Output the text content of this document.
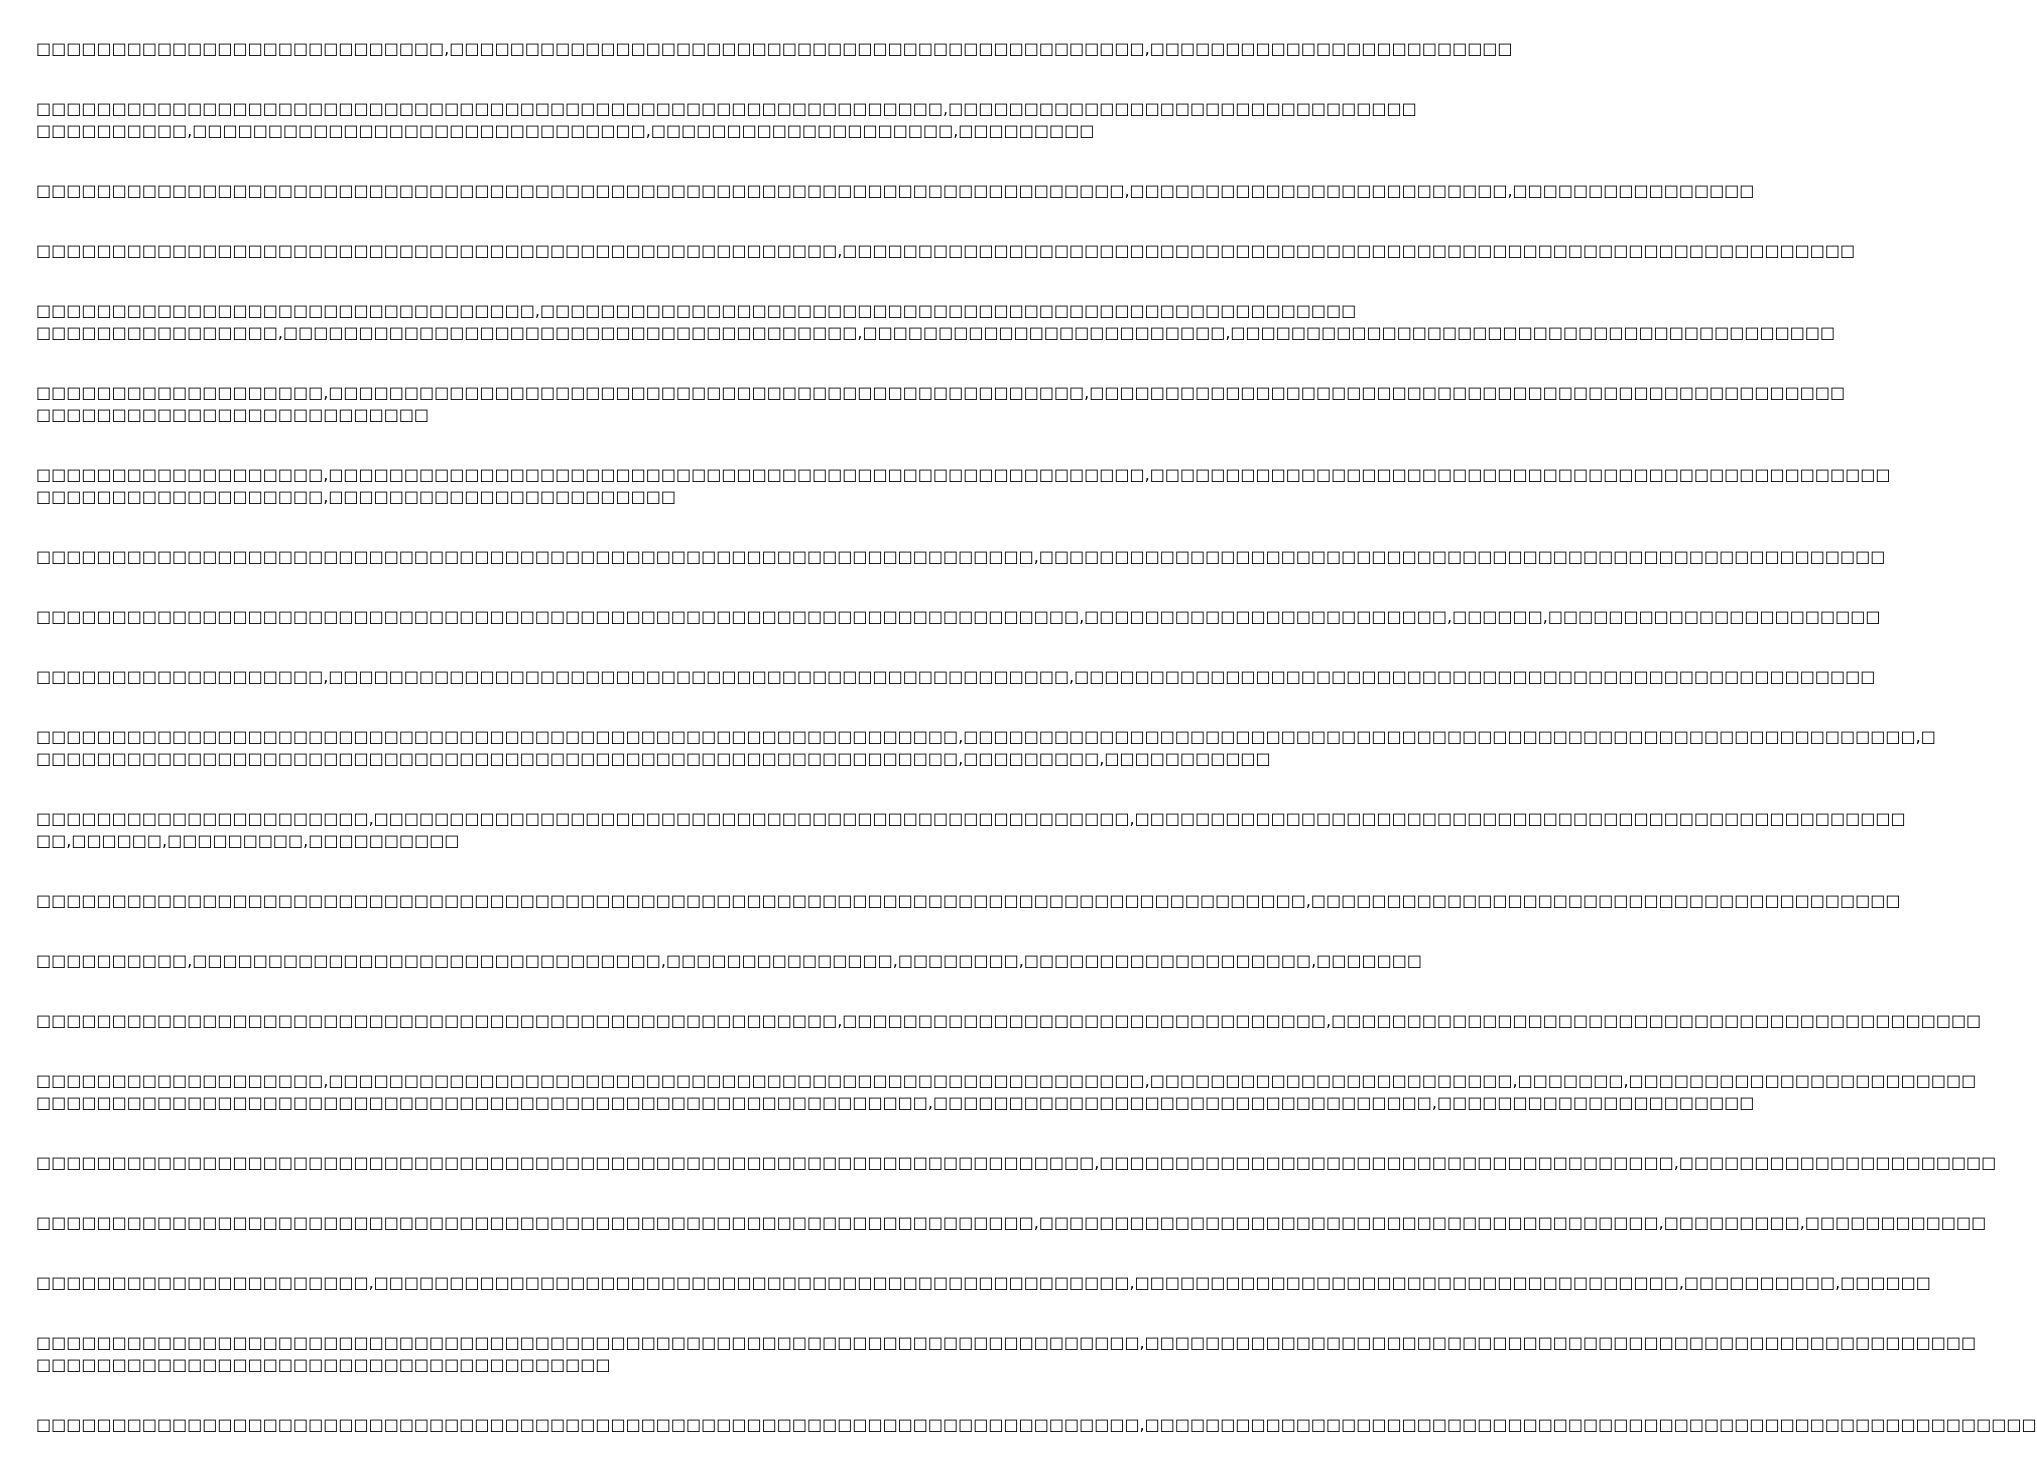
□□□□□□□□□□□□□□□□□□□□□□□□□□□,□□□□□□□□□□□□□□□□□□□□□□□□□□□□□□□□□□□□□□□□□□□□□□,□□□□□□□□□□□□□□□□□□□□□□□□

□□□□□□□□□□□□□□□□□□□□□□□□□□□□□□□□□□□□□□□□□□□□□□□□□□□□□□□□□□□□,□□□□□□□□□□□□□□□□□□□□□□□□□□□□□□□
□□□□□□□□□□,□□□□□□□□□□□□□□□□□□□□□□□□□□□□□□,□□□□□□□□□□□□□□□□□□□□,□□□□□□□□□

□□□□□□□□□□□□□□□□□□□□□□□□□□□□□□□□□□□□□□□□□□□□□□□□□□□□□□□□□□□□□□□□□□□□□□□□,□□□□□□□□□□□□□□□□□□□□□□□□□,□□□□□□□□□□□□□□□□

□□□□□□□□□□□□□□□□□□□□□□□□□□□□□□□□□□□□□□□□□□□□□□□□□□□□□,□□□□□□□□□□□□□□□□□□□□□□□□□□□□□□□□□□□□□□□□□□□□□□□□□□□□□□□□□□□□□□□□□□□

□□□□□□□□□□□□□□□□□□□□□□□□□□□□□□□□□,□□□□□□□□□□□□□□□□□□□□□□□□□□□□□□□□□□□□□□□□□□□□□□□□□□□□□□
□□□□□□□□□□□□□□□□,□□□□□□□□□□□□□□□□□□□□□□□□□□□□□□□□□□□□□□,□□□□□□□□□□□□□□□□□□□□□□□□,□□□□□□□□□□□□□□□□□□□□□□□□□□□□□□□□□□□□□□□□

□□□□□□□□□□□□□□□□□□□,□□□□□□□□□□□□□□□□□□□□□□□□□□□□□□□□□□□□□□□□□□□□□□□□□□,□□□□□□□□□□□□□□□□□□□□□□□□□□□□□□□□□□□□□□□□□□□□□□□□□□
□□□□□□□□□□□□□□□□□□□□□□□□□□

□□□□□□□□□□□□□□□□□□□,□□□□□□□□□□□□□□□□□□□□□□□□□□□□□□□□□□□□□□□□□□□□□□□□□□□□□□,□□□□□□□□□□□□□□□□□□□□□□□□□□□□□□□□□□□□□□□□□□□□□□□□□
□□□□□□□□□□□□□□□□□□□,□□□□□□□□□□□□□□□□□□□□□□□

□□□□□□□□□□□□□□□□□□□□□□□□□□□□□□□□□□□□□□□□□□□□□□□□□□□□□□□□□□□□□□□□□□,□□□□□□□□□□□□□□□□□□□□□□□□□□□□□□□□□□□□□□□□□□□□□□□□□□□□□□□□

□□□□□□□□□□□□□□□□□□□□□□□□□□□□□□□□□□□□□□□□□□□□□□□□□□□□□□□□□□□□□□□□□□□□□,□□□□□□□□□□□□□□□□□□□□□□□□,□□□□□□,□□□□□□□□□□□□□□□□□□□□□□

□□□□□□□□□□□□□□□□□□□,□□□□□□□□□□□□□□□□□□□□□□□□□□□□□□□□□□□□□□□□□□□□□□□□□,□□□□□□□□□□□□□□□□□□□□□□□□□□□□□□□□□□□□□□□□□□□□□□□□□□□□□

□□□□□□□□□□□□□□□□□□□□□□□□□□□□□□□□□□□□□□□□□□□□□□□□□□□□□□□□□□□□□,□□□□□□□□□□□□□□□□□□□□□□□□□□□□□□□□□□□□□□□□□□□□□□□□□□□□□□□□□□□□□□□,□
□□□□□□□□□□□□□□□□□□□□□□□□□□□□□□□□□□□□□□□□□□□□□□□□□□□□□□□□□□□□□,□□□□□□□□□,□□□□□□□□□□□

□□□□□□□□□□□□□□□□□□□□□□,□□□□□□□□□□□□□□□□□□□□□□□□□□□□□□□□□□□□□□□□□□□□□□□□□□,□□□□□□□□□□□□□□□□□□□□□□□□□□□□□□□□□□□□□□□□□□□□□□□□□□□
□□,□□□□□□,□□□□□□□□□,□□□□□□□□□□

□□□□□□□□□□□□□□□□□□□□□□□□□□□□□□□□□□□□□□□□□□□□□□□□□□□□□□□□□□□□□□□□□□□□□□□□□□□□□□□□□□□□,□□□□□□□□□□□□□□□□□□□□□□□□□□□□□□□□□□□□□□□

□□□□□□□□□□,□□□□□□□□□□□□□□□□□□□□□□□□□□□□□□□,□□□□□□□□□□□□□□□,□□□□□□□□,□□□□□□□□□□□□□□□□□□□,□□□□□□□

□□□□□□□□□□□□□□□□□□□□□□□□□□□□□□□□□□□□□□□□□□□□□□□□□□□□□,□□□□□□□□□□□□□□□□□□□□□□□□□□□□□□□□,□□□□□□□□□□□□□□□□□□□□□□□□□□□□□□□□□□□□□□□□□□□

□□□□□□□□□□□□□□□□□□□,□□□□□□□□□□□□□□□□□□□□□□□□□□□□□□□□□□□□□□□□□□□□□□□□□□□□□□,□□□□□□□□□□□□□□□□□□□□□□□□,□□□□□□□,□□□□□□□□□□□□□□□□□□□□□□□
□□□□□□□□□□□□□□□□□□□□□□□□□□□□□□□□□□□□□□□□□□□□□□□□□□□□□□□□□□□,□□□□□□□□□□□□□□□□□□□□□□□□□□□□□□□□□,□□□□□□□□□□□□□□□□□□□□□

□□□□□□□□□□□□□□□□□□□□□□□□□□□□□□□□□□□□□□□□□□□□□□□□□□□□□□□□□□□□□□□□□□□□□□,□□□□□□□□□□□□□□□□□□□□□□□□□□□□□□□□□□□□□□,□□□□□□□□□□□□□□□□□□□□□

□□□□□□□□□□□□□□□□□□□□□□□□□□□□□□□□□□□□□□□□□□□□□□□□□□□□□□□□□□□□□□□□□□,□□□□□□□□□□□□□□□□□□□□□□□□□□□□□□□□□□□□□□□□□,□□□□□□□□□,□□□□□□□□□□□□

□□□□□□□□□□□□□□□□□□□□□□,□□□□□□□□□□□□□□□□□□□□□□□□□□□□□□□□□□□□□□□□□□□□□□□□□□,□□□□□□□□□□□□□□□□□□□□□□□□□□□□□□□□□□□□,□□□□□□□□□□,□□□□□□

□□□□□□□□□□□□□□□□□□□□□□□□□□□□□□□□□□□□□□□□□□□□□□□□□□□□□□□□□□□□□□□□□□□□□□□□□,□□□□□□□□□□□□□□□□□□□□□□□□□□□□□□□□□□□□□□□□□□□□□□□□□□□□□□□
□□□□□□□□□□□□□□□□□□□□□□□□□□□□□□□□□□□□□□

□□□□□□□□□□□□□□□□□□□□□□□□□□□□□□□□□□□□□□□□□□□□□□□□□□□□□□□□□□□□□□□□□□□□□□□□□,□□□□□□□□□□□□□□□□□□□□□□□□□□□□□□□□□□□□□□□□□□□□□□□□□□□□□□□□□□□
